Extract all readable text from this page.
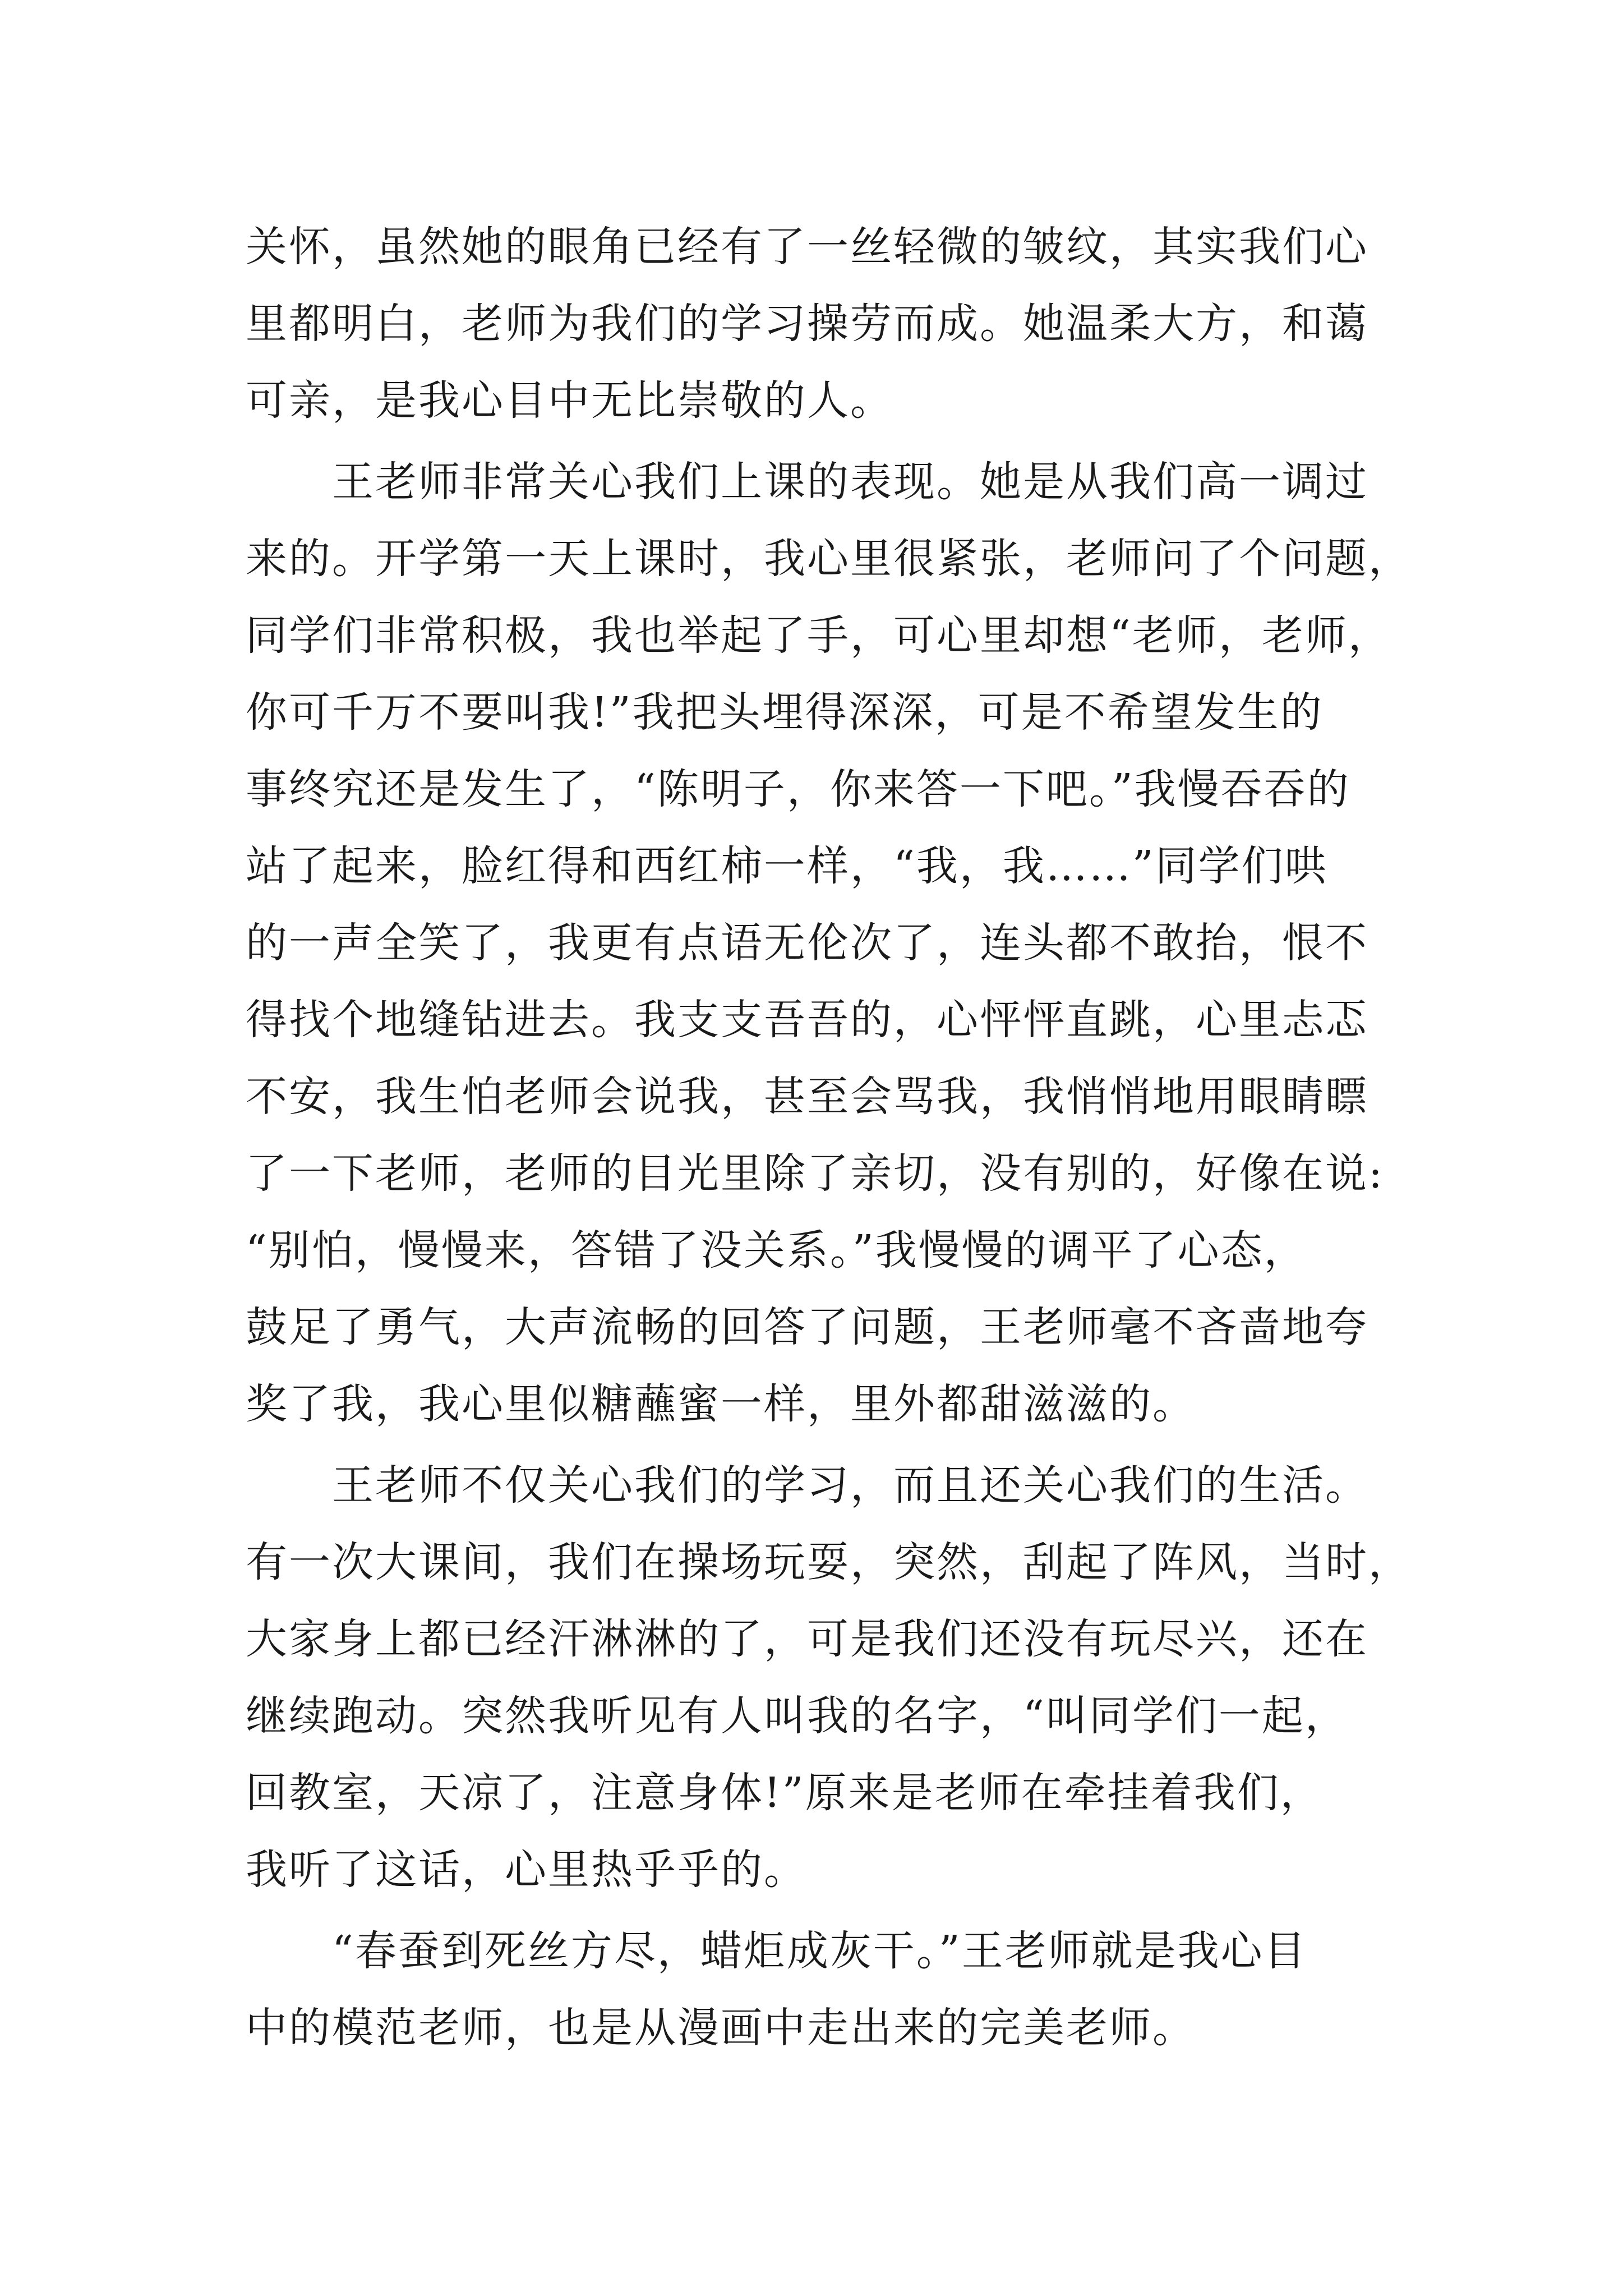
关怀，虽然她的眼角已经有了一丝轻微的皱纹，其实我们心
里都明白，老师为我们的学习操劳而成。她温柔大方，和蔼
可亲，是我心目中无比崇敬的人。
　　王老师非常关心我们上课的表现。她是从我们高一调过
来的。开学第一天上课时，我心里很紧张，老师问了个问题，
同学们非常积极，我也举起了手，可心里却想“老师，老师，
你可千万不要叫我!”我把头埋得深深，可是不希望发生的
事终究还是发生了，“陈明子，你来答一下吧。”我慢吞吞的
站了起来，脸红得和西红柿一样，“我，我……”同学们哄
的一声全笑了，我更有点语无伦次了，连头都不敢抬，恨不
得找个地缝钻进去。我支支吾吾的，心怦怦直跳，心里忐忑
不安，我生怕老师会说我，甚至会骂我，我悄悄地用眼睛瞟
了一下老师，老师的目光里除了亲切，没有别的，好像在说:
“别怕，慢慢来，答错了没关系。”我慢慢的调平了心态，
鼓足了勇气，大声流畅的回答了问题，王老师毫不吝啬地夸
奖了我，我心里似糖蘸蜜一样，里外都甜滋滋的。
　　王老师不仅关心我们的学习，而且还关心我们的生活。
有一次大课间，我们在操场玩耍，突然，刮起了阵风，当时，
大家身上都已经汗淋淋的了，可是我们还没有玩尽兴，还在
继续跑动。突然我听见有人叫我的名字，“叫同学们一起，
回教室，天凉了，注意身体!”原来是老师在牵挂着我们，
我听了这话，心里热乎乎的。
　　“春蚕到死丝方尽，蜡炬成灰干。”王老师就是我心目
中的模范老师，也是从漫画中走出来的完美老师。
